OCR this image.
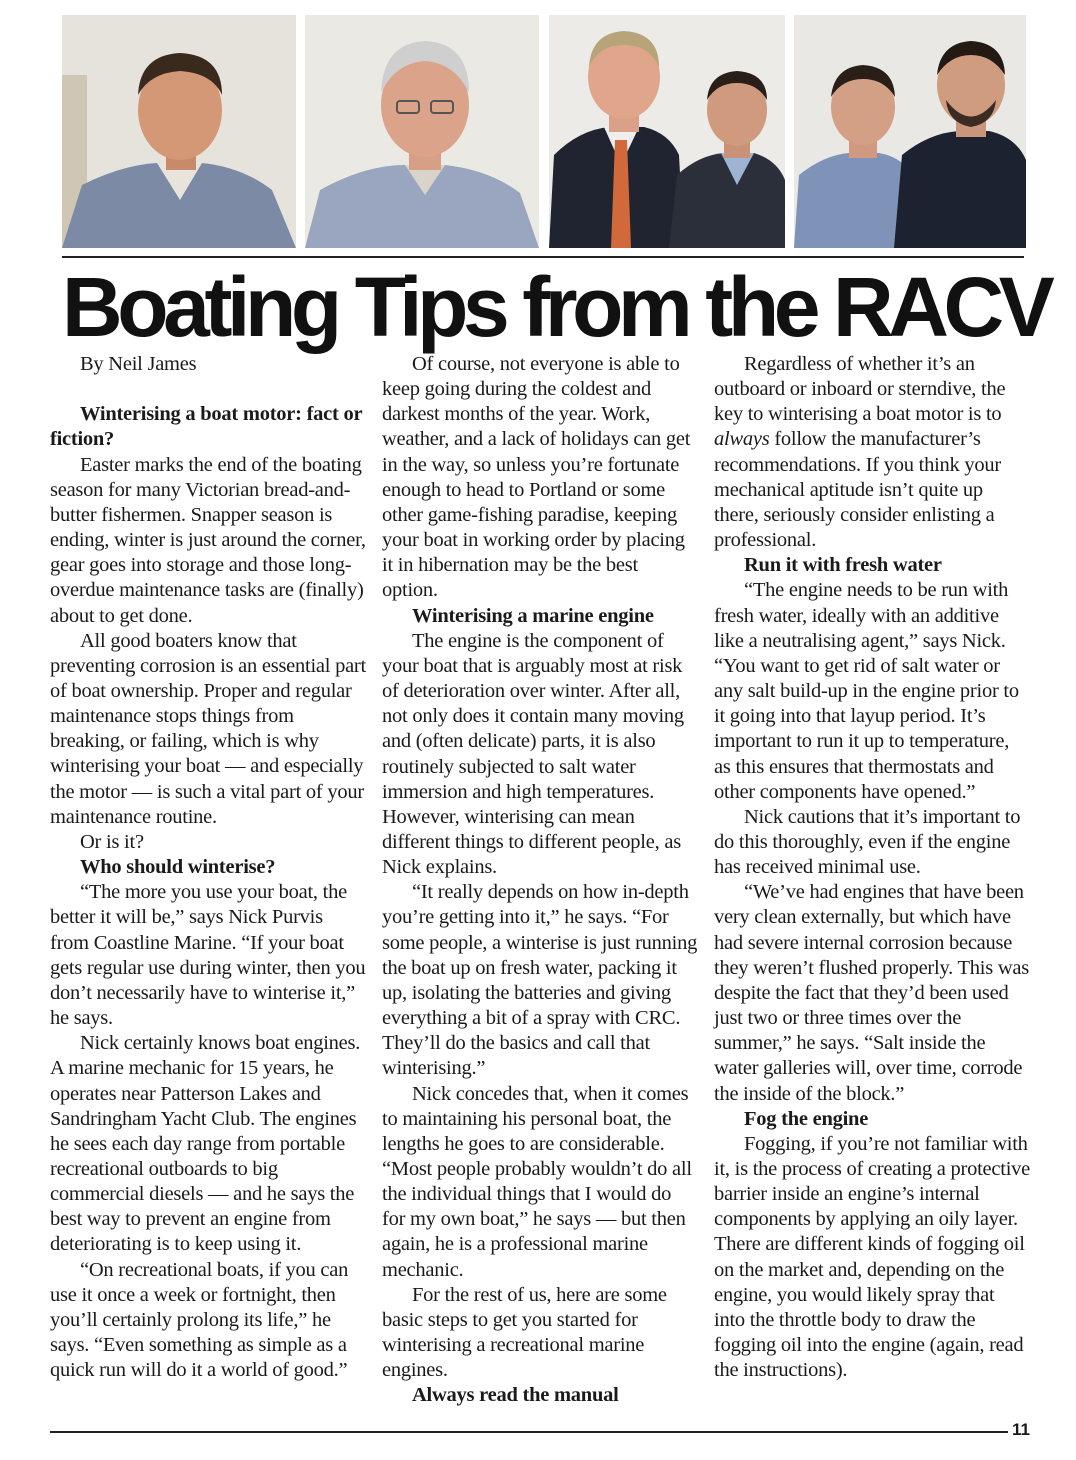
Boating Tips from the RACV

By Neil James

Winterising a boat motor: fact or fiction?

Easter marks the end of the boating season for many Victorian bread-and-butter fishermen. Snapper season is ending, winter is just around the corner, gear goes into storage and those long-overdue maintenance tasks are (finally) about to get done.

All good boaters know that preventing corrosion is an essential part of boat ownership. Proper and regular maintenance stops things from breaking, or failing, which is why winterising your boat — and especially the motor — is such a vital part of your maintenance routine.

Or is it?

Who should winterise?

“The more you use your boat, the better it will be,” says Nick Purvis from Coastline Marine. “If your boat gets regular use during winter, then you don’t necessarily have to winterise it,” he says.

Nick certainly knows boat engines. A marine mechanic for 15 years, he operates near Patterson Lakes and Sandringham Yacht Club. The engines he sees each day range from portable recreational outboards to big commercial diesels — and he says the best way to prevent an engine from deteriorating is to keep using it.

“On recreational boats, if you can use it once a week or fortnight, then you’ll certainly prolong its life,” he says. “Even something as simple as a quick run will do it a world of good.”

Of course, not everyone is able to keep going during the coldest and darkest months of the year. Work, weather, and a lack of holidays can get in the way, so unless you’re fortunate enough to head to Portland or some other game-fishing paradise, keeping your boat in working order by placing it in hibernation may be the best option.

Winterising a marine engine

The engine is the component of your boat that is arguably most at risk of deterioration over winter. After all, not only does it contain many moving and (often delicate) parts, it is also routinely subjected to salt water immersion and high temperatures. However, winterising can mean different things to different people, as Nick explains.

“It really depends on how in-depth you’re getting into it,” he says. “For some people, a winterise is just running the boat up on fresh water, packing it up, isolating the batteries and giving everything a bit of a spray with CRC. They’ll do the basics and call that winterising.”

Nick concedes that, when it comes to maintaining his personal boat, the lengths he goes to are considerable. “Most people probably wouldn’t do all the individual things that I would do for my own boat,” he says — but then again, he is a professional marine mechanic.

For the rest of us, here are some basic steps to get you started for winterising a recreational marine engines.

Always read the manual

Regardless of whether it’s an outboard or inboard or sterndive, the key to winterising a boat motor is to always follow the manufacturer’s recommendations. If you think your mechanical aptitude isn’t quite up there, seriously consider enlisting a professional.

Run it with fresh water

“The engine needs to be run with fresh water, ideally with an additive like a neutralising agent,” says Nick. “You want to get rid of salt water or any salt build-up in the engine prior to it going into that layup period. It’s important to run it up to temperature, as this ensures that thermostats and other components have opened.”

Nick cautions that it’s important to do this thoroughly, even if the engine has received minimal use.

“We’ve had engines that have been very clean externally, but which have had severe internal corrosion because they weren’t flushed properly. This was despite the fact that they’d been used just two or three times over the summer,” he says. “Salt inside the water galleries will, over time, corrode the inside of the block.”

Fog the engine

Fogging, if you’re not familiar with it, is the process of creating a protective barrier inside an engine’s internal components by applying an oily layer. There are different kinds of fogging oil on the market and, depending on the engine, you would likely spray that into the throttle body to draw the fogging oil into the engine (again, read the instructions).

11
